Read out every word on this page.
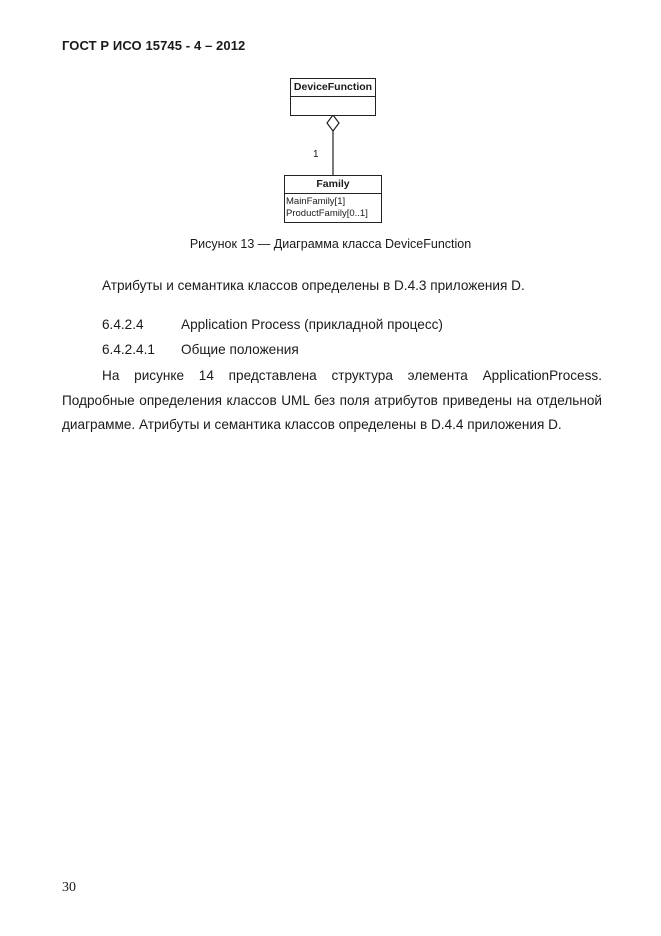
ГОСТ Р ИСО 15745 - 4 – 2012
DeviceFunction
1
Family
MainFamily[1]
ProductFamily[0..1]
Рисунок 13 — Диаграмма класса DeviceFunction
Атрибуты и семантика классов определены в D.4.3 приложения D.
6.4.2.4	Application Process (прикладной процесс)
6.4.2.4.1 Общие положения
На рисунке 14 представлена структура элемента ApplicationProcess. Подробные определения классов UML без поля атрибутов приведены на отдельной диаграмме. Атрибуты и семантика классов определены в D.4.4 приложения D.
30
